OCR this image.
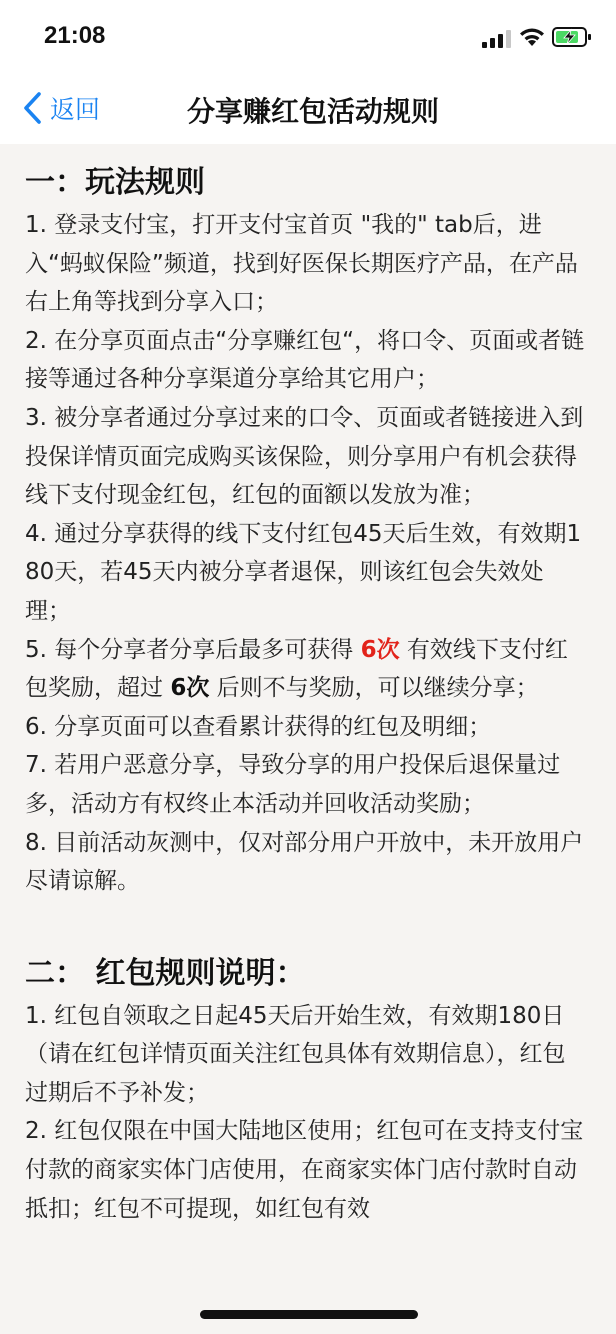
21:08
返回	分享赚红包活动规则
一：玩法规则

1. 登录支付宝，打开支付宝首页 "我的" tab后，进入“蚂蚁保险”频道，找到好医保长期医疗产品，在产品右上角等找到分享入口；

2. 在分享页面点击“分享赚红包“，将口令、页面或者链接等通过各种分享渠道分享给其它用户；

3. 被分享者通过分享过来的口令、页面或者链接进入到投保详情页面完成购买该保险，则分享用户有机会获得线下支付现金红包，红包的面额以发放为准；

4. 通过分享获得的线下支付红包45天后生效，有效期180天，若45天内被分享者退保，则该红包会失效处理；

5. 每个分享者分享后最多可获得 6次 有效线下支付红包奖励，超过 6次 后则不与奖励，可以继续分享；

6. 分享页面可以查看累计获得的红包及明细；

7. 若用户恶意分享，导致分享的用户投保后退保量过多，活动方有权终止本活动并回收活动奖励；

8. 目前活动灰测中，仅对部分用户开放中，未开放用户尽请谅解。

二： 红包规则说明：

1. 红包自领取之日起45天后开始生效，有效期180日（请在红包详情页面关注红包具体有效期信息），红包过期后不予补发；

2. 红包仅限在中国大陆地区使用；红包可在支持支付宝付款的商家实体门店使用，在商家实体门店付款时自动抵扣；红包不可提现，如红包有效
